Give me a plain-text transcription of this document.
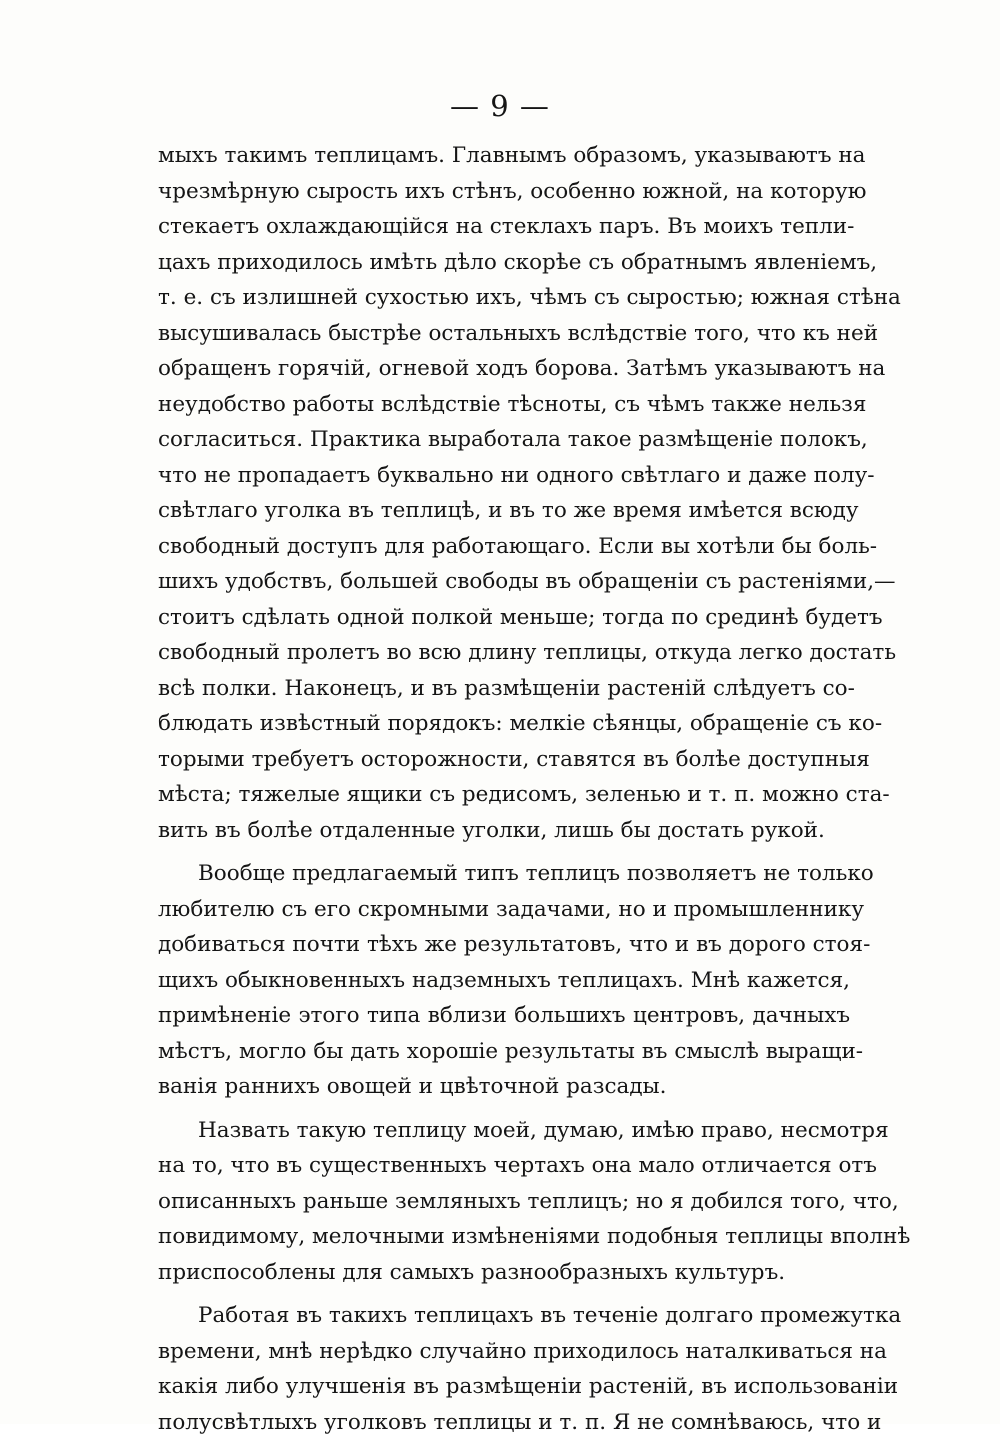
— 9 —
мыхъ такимъ теплицамъ. Главнымъ образомъ, указываютъ на
чрезмѣрную сырость ихъ стѣнъ, особенно южной, на которую
стекаетъ охлаждающiйся на стеклахъ паръ. Въ моихъ тепли-
цахъ приходилось имѣть дѣло скорѣе съ обратнымъ явленiемъ,
т. е. съ излишней сухостью ихъ, чѣмъ съ сыростью; южная стѣна
высушивалась быстрѣе остальныхъ вслѣдствiе того, что къ ней
обращенъ горячiй, огневой ходъ борова. Затѣмъ указываютъ на
неудобство работы вслѣдствiе тѣсноты, съ чѣмъ также нельзя
согласиться. Практика выработала такое размѣщенiе полокъ,
что не пропадаетъ буквально ни одного свѣтлаго и даже полу-
свѣтлаго уголка въ теплицѣ, и въ то же время имѣется всюду
свободный доступъ для работающаго. Если вы хотѣли бы боль-
шихъ удобствъ, большей свободы въ обращенiи съ растенiями,—
стоитъ сдѣлать одной полкой меньше; тогда по срединѣ будетъ
свободный пролетъ во всю длину теплицы, откуда легко достать
всѣ полки. Наконецъ, и въ размѣщенiи растенiй слѣдуетъ со-
блюдать извѣстный порядокъ: мелкiе сѣянцы, обращенiе съ ко-
торыми требуетъ осторожности, ставятся въ болѣе доступныя
мѣста; тяжелые ящики съ редисомъ, зеленью и т. п. можно ста-
вить въ болѣе отдаленные уголки, лишь бы достать рукой.
Вообще предлагаемый типъ теплицъ позволяетъ не только
любителю съ его скромными задачами, но и промышленнику
добиваться почти тѣхъ же результатовъ, что и въ дорого стоя-
щихъ обыкновенныхъ надземныхъ теплицахъ. Мнѣ кажется,
примѣненiе этого типа вблизи большихъ центровъ, дачныхъ
мѣстъ, могло бы дать хорошiе результаты въ смыслѣ выращи-
ванiя раннихъ овощей и цвѣточной разсады.
Назвать такую теплицу моей, думаю, имѣю право, несмотря
на то, что въ существенныхъ чертахъ она мало отличается отъ
описанныхъ раньше земляныхъ теплицъ; но я добился того, что,
повидимому, мелочными измѣненiями подобныя теплицы вполнѣ
приспособлены для самыхъ разнообразныхъ культуръ.
Работая въ такихъ теплицахъ въ теченiе долгаго промежутка
времени, мнѣ нерѣдко случайно приходилось наталкиваться на
какiя либо улучшенiя въ размѣщенiи растенiй, въ использованiи
полусвѣтлыхъ уголковъ теплицы и т. п. Я не сомнѣваюсь, что и
